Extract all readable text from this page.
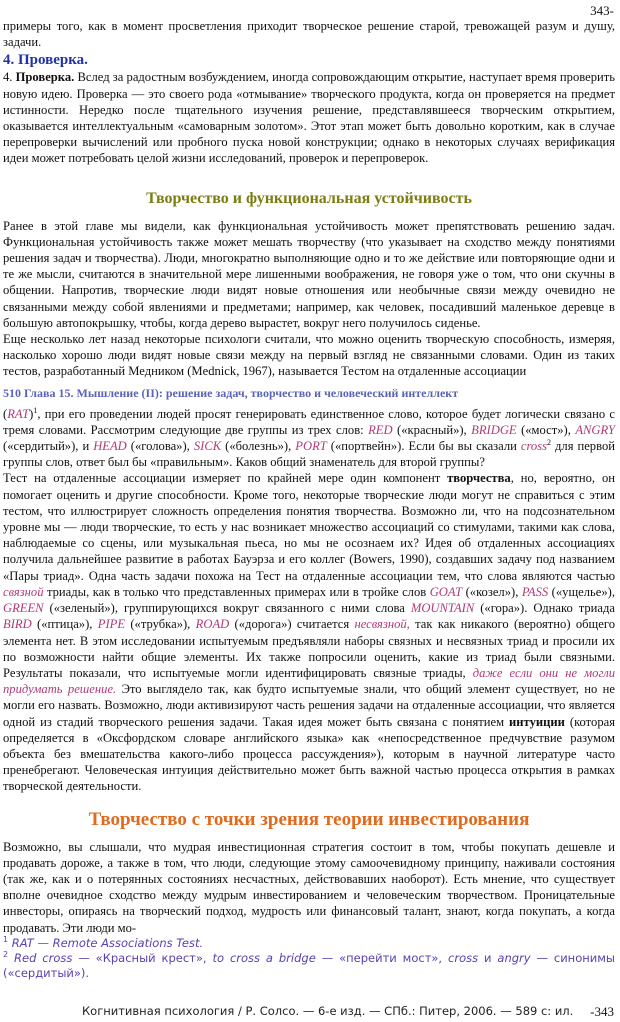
343-

примеры того, как в момент просветления приходит творческое решение старой, тревожащей разум и душу, задачи.

4. Проверка.

4. Проверка. Вслед за радостным возбуждением, иногда сопровождающим открытие, наступает время проверить новую идею. Проверка — это своего рода «отмывание» творческого продукта, когда он проверяется на предмет истинности. Нередко после тщательного изучения решение, представлявшееся творческим открытием, оказывается интеллектуальным «самоварным золотом». Этот этап может быть довольно коротким, как в случае перепроверки вычислений или пробного пуска новой конструкции; однако в некоторых случаях верификация идеи может потребовать целой жизни исследований, проверок и перепроверок.

Творчество и функциональная устойчивость

Ранее в этой главе мы видели, как функциональная устойчивость может препятствовать решению задач. Функциональная устойчивость также может мешать творчеству (что указывает на сходство между понятиями решения задач и творчества). Люди, многократно выполняющие одно и то же действие или повторяющие одни и те же мысли, считаются в значительной мере лишенными воображения, не говоря уже о том, что они скучны в общении. Напротив, творческие люди видят новые отношения или необычные связи между очевидно не связанными между собой явлениями и предметами; например, как человек, посадивший маленькое деревце в большую автопокрышку, чтобы, когда дерево вырастет, вокруг него получилось сиденье.

Еще несколько лет назад некоторые психологи считали, что можно оценить творческую способность, измеряя, насколько хорошо люди видят новые связи между на первый взгляд не связанными словами. Один из таких тестов, разработанный Медником (Mednick, 1967), называется Тестом на отдаленные ассоциации

510 Глава 15. Мышление (II): решение задач, творчество и человеческий интеллект

(RAT)$^1$, при его проведении людей просят генерировать единственное слово, которое будет логически связано с тремя словами. Рассмотрим следующие две группы из трех слов: RED («красный»), BRIDGE («мост»), ANGRY («сердитый»), и HEAD («голова»), SICK («болезнь»), PORT («портвейн»). Если бы вы сказали cross$^2$ для первой группы слов, ответ был бы «правильным». Каков общий знаменатель для второй группы?

Тест на отдаленные ассоциации измеряет по крайней мере один компонент творчества, но, вероятно, он помогает оценить и другие способности. Кроме того, некоторые творческие люди могут не справиться с этим тестом, что иллюстрирует сложность определения понятия творчества. Возможно ли, что на подсознательном уровне мы — люди творческие, то есть у нас возникает множество ассоциаций со стимулами, такими как слова, наблюдаемые со сцены, или музыкальная пьеса, но мы не осознаем их? Идея об отдаленных ассоциациях получила дальнейшее развитие в работах Бауэрза и его коллег (Bowers, 1990), создавших задачу под названием «Пары триад». Одна часть задачи похожа на Тест на отдаленные ассоциации тем, что слова являются частью связной триады, как в только что представленных примерах или в тройке слов GOAT («козел»), PASS («ущелье»), GREEN («зеленый»), группирующихся вокруг связанного с ними слова MOUNTAIN («гора»). Однако триада BIRD («птица»), PIPE («трубка»), ROAD («дорога») считается несвязной, так как никакого (вероятно) общего элемента нет. В этом исследовании испытуемым предъявляли наборы связных и несвязных триад и просили их по возможности найти общие элементы. Их также попросили оценить, какие из триад были связными. Результаты показали, что испытуемые могли идентифицировать связные триады, даже если они не могли придумать решение. Это выглядело так, как будто испытуемые знали, что общий элемент существует, но не могли его назвать. Возможно, люди активизируют часть решения задачи на отдаленные ассоциации, что является одной из стадий творческого решения задачи. Такая идея может быть связана с понятием интуиции (которая определяется в «Оксфордском словаре английского языка» как «непосредственное предчувствие разумом объекта без вмешательства какого-либо процесса рассуждения»), которым в научной литературе часто пренебрегают. Человеческая интуиция действительно может быть важной частью процесса открытия в рамках творческой деятельности.

Творчество с точки зрения теории инвестирования

Возможно, вы слышали, что мудрая инвестиционная стратегия состоит в том, чтобы покупать дешевле и продавать дороже, а также в том, что люди, следующие этому самоочевидному принципу, наживали состояния (так же, как и о потерянных состояниях несчастных, действовавших наоборот). Есть мнение, что существует вполне очевидное сходство между мудрым инвестированием и человеческим творчеством. Проницательные инвесторы, опираясь на творческий подход, мудрость или финансовый талант, знают, когда покупать, а когда продавать. Эти люди мо-

$^1$ RAT — Remote Associations Test.

$^2$ Red cross — «Красный крест», to cross a bridge — «перейти мост», cross и angry — синонимы («сердитый»).

Когнитивная психология / Р. Солсо. — 6-е изд. — СПб.: Питер, 2006. — 589 с: ил. -343
